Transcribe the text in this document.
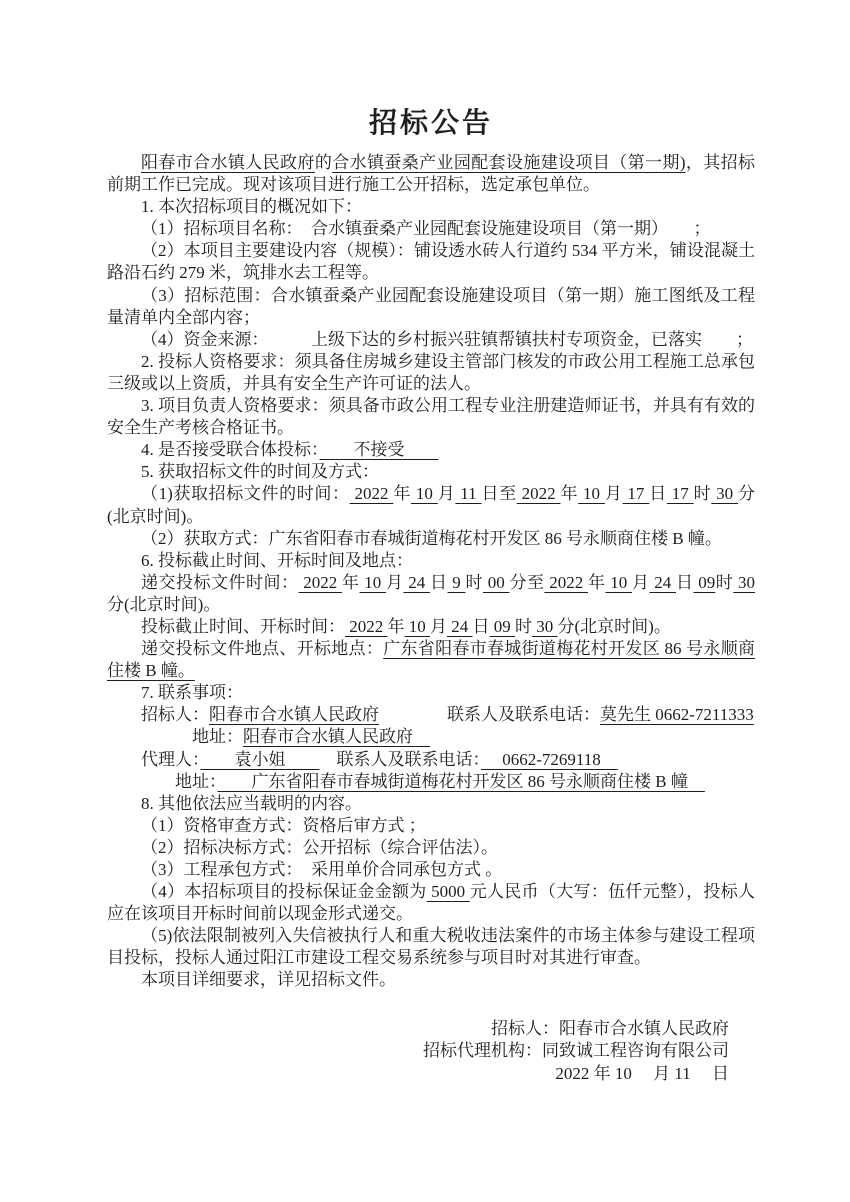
招标公告

阳春市合水镇人民政府的合水镇蚕桑产业园配套设施建设项目（第一期)，其招标前期工作已完成。现对该项目进行施工公开招标，选定承包单位。

1. 本次招标项目的概况如下：

（1）招标项目名称：　合水镇蚕桑产业园配套设施建设项目（第一期）　　；

（2）本项目主要建设内容（规模）：铺设透水砖人行道约 534 平方米，铺设混凝土路沿石约 279 米，筑排水去工程等。

（3）招标范围：合水镇蚕桑产业园配套设施建设项目（第一期）施工图纸及工程量清单内全部内容；

（4）资金来源：　　　上级下达的乡村振兴驻镇帮镇扶村专项资金，已落实　　；

2. 投标人资格要求：须具备住房城乡建设主管部门核发的市政公用工程施工总承包三级或以上资质，并具有安全生产许可证的法人。

3. 项目负责人资格要求：须具备市政公用工程专业注册建造师证书，并具有有效的安全生产考核合格证书。

4. 是否接受联合体投标：　　不接受　　

5. 获取招标文件的时间及方式：

（1)获取招标文件的时间： 2022 年 10 月 11 日至 2022 年 10 月 17 日 17 时 30 分(北京时间)。

（2）获取方式：广东省阳春市春城街道梅花村开发区 86 号永顺商住楼 B 幢。

6. 投标截止时间、开标时间及地点：

递交投标文件时间： 2022 年 10 月 24 日 9 时 00 分至 2022 年 10 月 24 日 09时 30 分(北京时间)。

投标截止时间、开标时间： 2022 年 10 月 24 日 09 时 30 分(北京时间)。

递交投标文件地点、开标地点：广东省阳春市春城街道梅花村开发区 86 号永顺商住楼 B 幢。

7. 联系事项：

招标人：阳春市合水镇人民政府　　　　联系人及联系电话：莫先生 0662-7211333

地址：阳春市合水镇人民政府　

代理人：　　袁小姐　　　联系人及联系电话：　 0662-7269118　

地址：　　广东省阳春市春城街道梅花村开发区 86 号永顺商住楼 B 幢　

8. 其他依法应当载明的内容。

（1）资格审查方式：资格后审方式 ；

（2）招标决标方式：公开招标（综合评估法）。

（3）工程承包方式：　采用单价合同承包方式 。

（4）本招标项目的投标保证金金额为 5000 元人民币（大写：伍仟元整），投标人应在该项目开标时间前以现金形式递交。

（5)依法限制被列入失信被执行人和重大税收违法案件的市场主体参与建设工程项目投标，投标人通过阳江市建设工程交易系统参与项目时对其进行审查。

本项目详细要求，详见招标文件。

招标人：阳春市合水镇人民政府

招标代理机构：同致诚工程咨询有限公司

2022 年 10 　月 11 　日
